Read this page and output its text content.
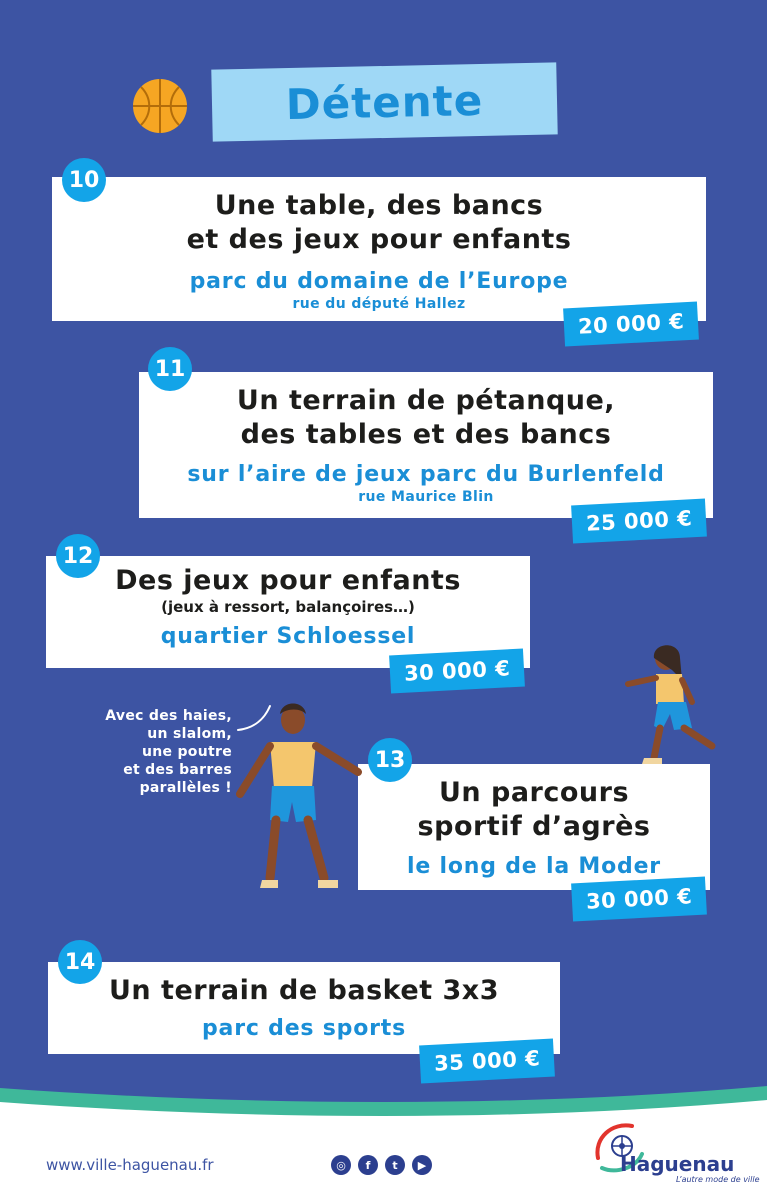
Détente
Une table, des bancs
et des jeux pour enfants
parc du domaine de l’Europe
rue du député Hallez
10
20 000 €
Un terrain de pétanque,
des tables et des bancs
sur l’aire de jeux parc du Burlenfeld
rue Maurice Blin
11
25 000 €
Des jeux pour enfants
(jeux à ressort, balançoires…)
quartier Schloessel
12
30 000 €
Un parcours
sportif d’agrès
le long de la Moder
13
30 000 €
Un terrain de basket 3x3
parc des sports
14
35 000 €
Avec des haies,
un slalom,
une poutre
et des barres
parallèles !
www.ville-haguenau.fr	◎	f	t	▶	Haguenau
L’autre mode de ville
